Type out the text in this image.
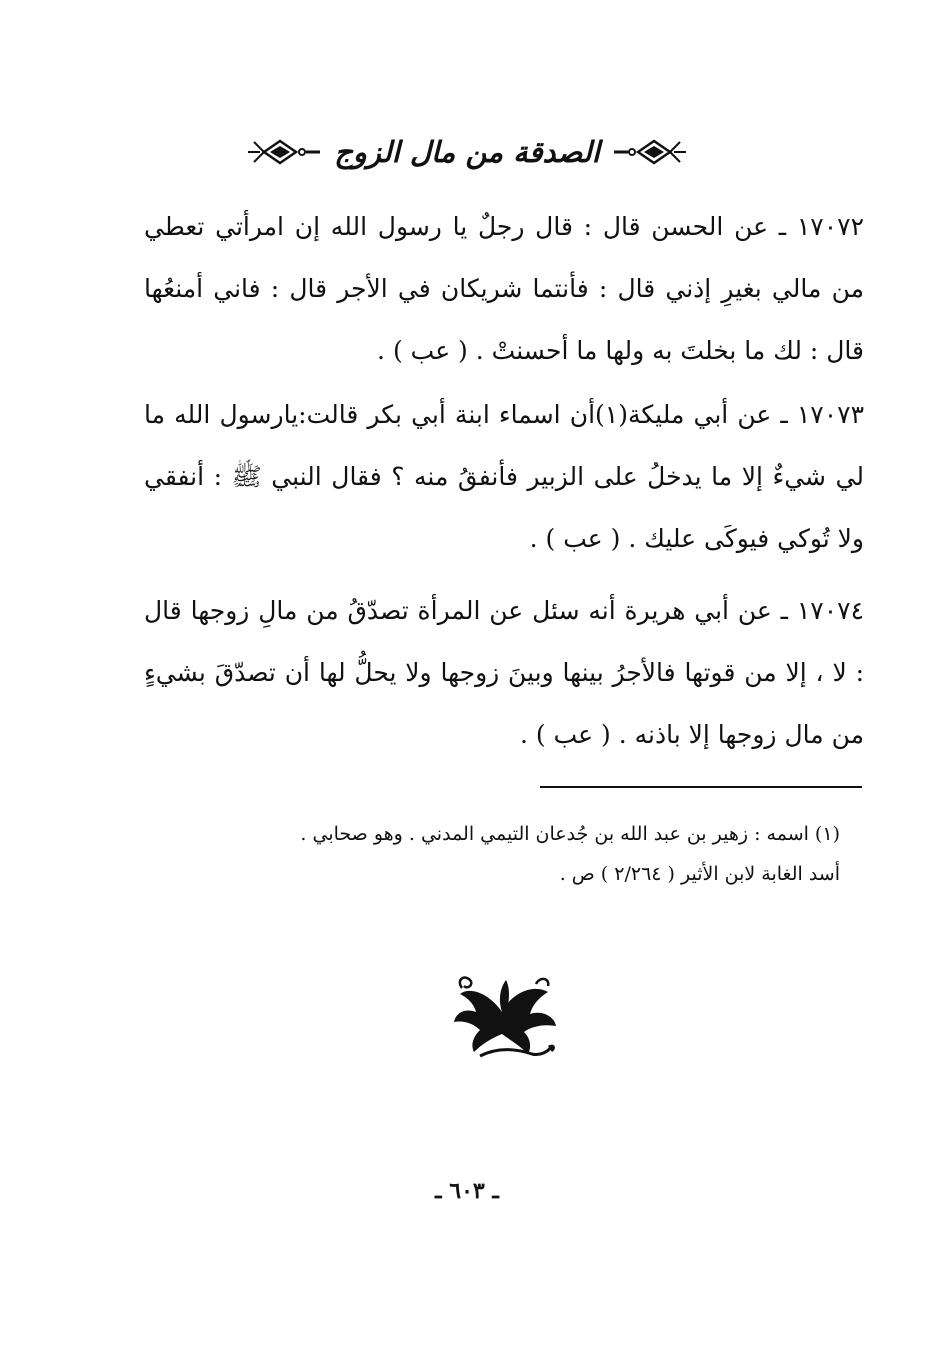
الصدقة من مال الزوج

١٧٠٧٢ ـ عن الحسن قال : قال رجلٌ يا رسول الله إن امرأتي تعطي من مالي بغيرِ إذني قال : فأنتما شريكان في الأجر قال : فاني أمنعُها قال : لك ما بخلتَ به ولها ما أحسنتْ . ( عب ) .

١٧٠٧٣ ـ عن أبي مليكة(١)أن اسماء ابنة أبي بكر قالت:يارسول الله ما لي شيءٌ إلا ما يدخلُ على الزبير فأنفقُ منه ؟ فقال النبي ﷺ : أنفقي ولا تُوكي فيوكَى عليك . ( عب ) .

١٧٠٧٤ ـ عن أبي هريرة أنه سئل عن المرأة تصدّقُ من مالِ زوجها قال : لا ، إلا من قوتها فالأجرُ بينها وبينَ زوجها ولا يحلُّ لها أن تصدّقَ بشيءٍ من مال زوجها إلا باذنه . ( عب ) .

(١) اسمه : زهير بن عبد الله بن جُدعان التيمي المدني . وهو صحابي .
أسد الغابة لابن الأثير ( ٢/٢٦٤ ) ص .
ـ ٦٠٣ ـ
